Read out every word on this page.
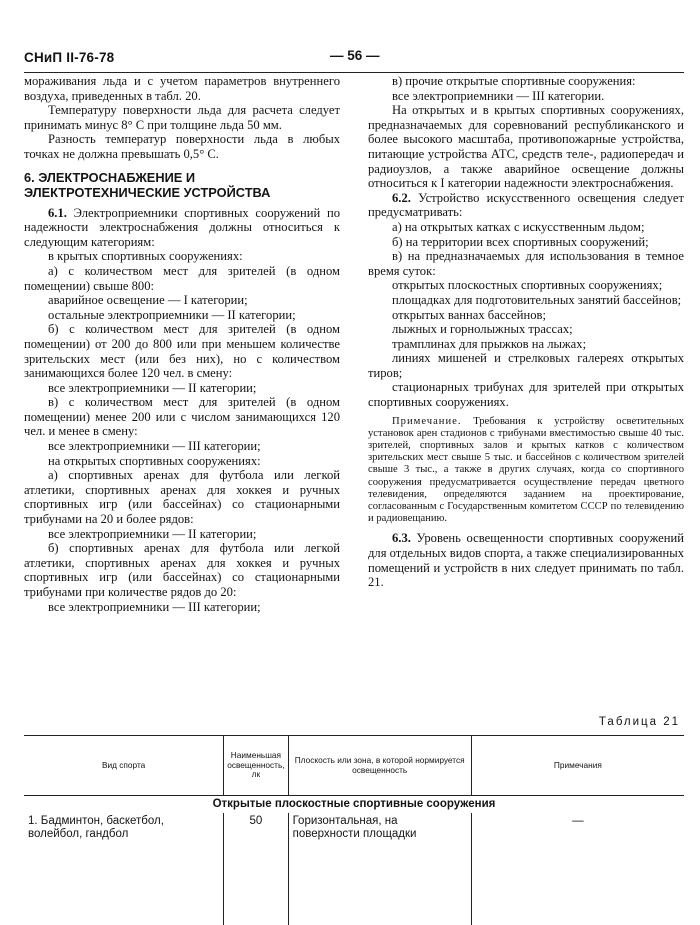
СНиП II-76-78	— 56 —

мораживания льда и с учетом параметров внутреннего воздуха, приведенных в табл. 20.

Температуру поверхности льда для расчета следует принимать минус 8° С при толщине льда 50 мм.

Разность температур поверхности льда в любых точках не должна превышать 0,5° С.

6. ЭЛЕКТРОСНАБЖЕНИЕ И ЭЛЕКТРОТЕХНИЧЕСКИЕ УСТРОЙСТВА

6.1. Электроприемники спортивных сооружений по надежности электроснабжения должны относиться к следующим категориям:

в крытых спортивных сооружениях:

а) с количеством мест для зрителей (в одном помещении) свыше 800:

аварийное освещение — I категории;

остальные электроприемники — II категории;

б) с количеством мест для зрителей (в одном помещении) от 200 до 800 или при меньшем количестве зрительских мест (или без них), но с количеством занимающихся более 120 чел. в смену:

все электроприемники — II категории;

в) с количеством мест для зрителей (в одном помещении) менее 200 или с числом занимающихся 120 чел. и менее в смену:

все электроприемники — III категории;

на открытых спортивных сооружениях:

а) спортивных аренах для футбола или легкой атлетики, спортивных аренах для хоккея и ручных спортивных игр (или бассейнах) со стационарными трибунами на 20 и более рядов:

все электроприемники — II категории;

б) спортивных аренах для футбола или легкой атлетики, спортивных аренах для хоккея и ручных спортивных игр (или бассейнах) со стационарными трибунами при количестве рядов до 20:

все электроприемники — III категории;

в) прочие открытые спортивные сооружения:

все электроприемники — III категории.

На открытых и в крытых спортивных сооружениях, предназначаемых для соревнований республиканского и более высокого масштаба, противопожарные устройства, питающие устройства АТС, средств теле-, радиопередач и радиоузлов, а также аварийное освещение должны относиться к I категории надежности электроснабжения.

6.2. Устройство искусственного освещения следует предусматривать:

а) на открытых катках с искусственным льдом;

б) на территории всех спортивных сооружений;

в) на предназначаемых для использования в темное время суток:

открытых плоскостных спортивных сооружениях;

площадках для подготовительных занятий бассейнов;

открытых ваннах бассейнов;

лыжных и горнолыжных трассах;

трамплинах для прыжков на лыжах;

линиях мишеней и стрелковых галереях открытых тиров;

стационарных трибунах для зрителей при открытых спортивных сооружениях.

Примечание. Требования к устройству осветительных установок арен стадионов с трибунами вместимостью свыше 40 тыс. зрителей, спортивных залов и крытых катков с количеством зрительских мест свыше 5 тыс. и бассейнов с количеством зрителей свыше 3 тыс., а также в других случаях, когда со спортивного сооружения предусматривается осуществление передач цветного телевидения, определяются заданием на проектирование, согласованным с Государственным комитетом СССР по телевидению и радиовещанию.

6.3. Уровень освещенности спортивных сооружений для отдельных видов спорта, а также специализированных помещений и устройств в них следует принимать по табл. 21.

Таблица 21
Вид спорта	Наименьшая освещенность, лк	Плоскость или зона, в которой нормируется освещенность	Примечания
Открытые плоскостные спортивные сооружения			
1. Бадминтон, баскетбол, волейбол, гандбол	50	Горизонтальная, на поверхности площадки	—
